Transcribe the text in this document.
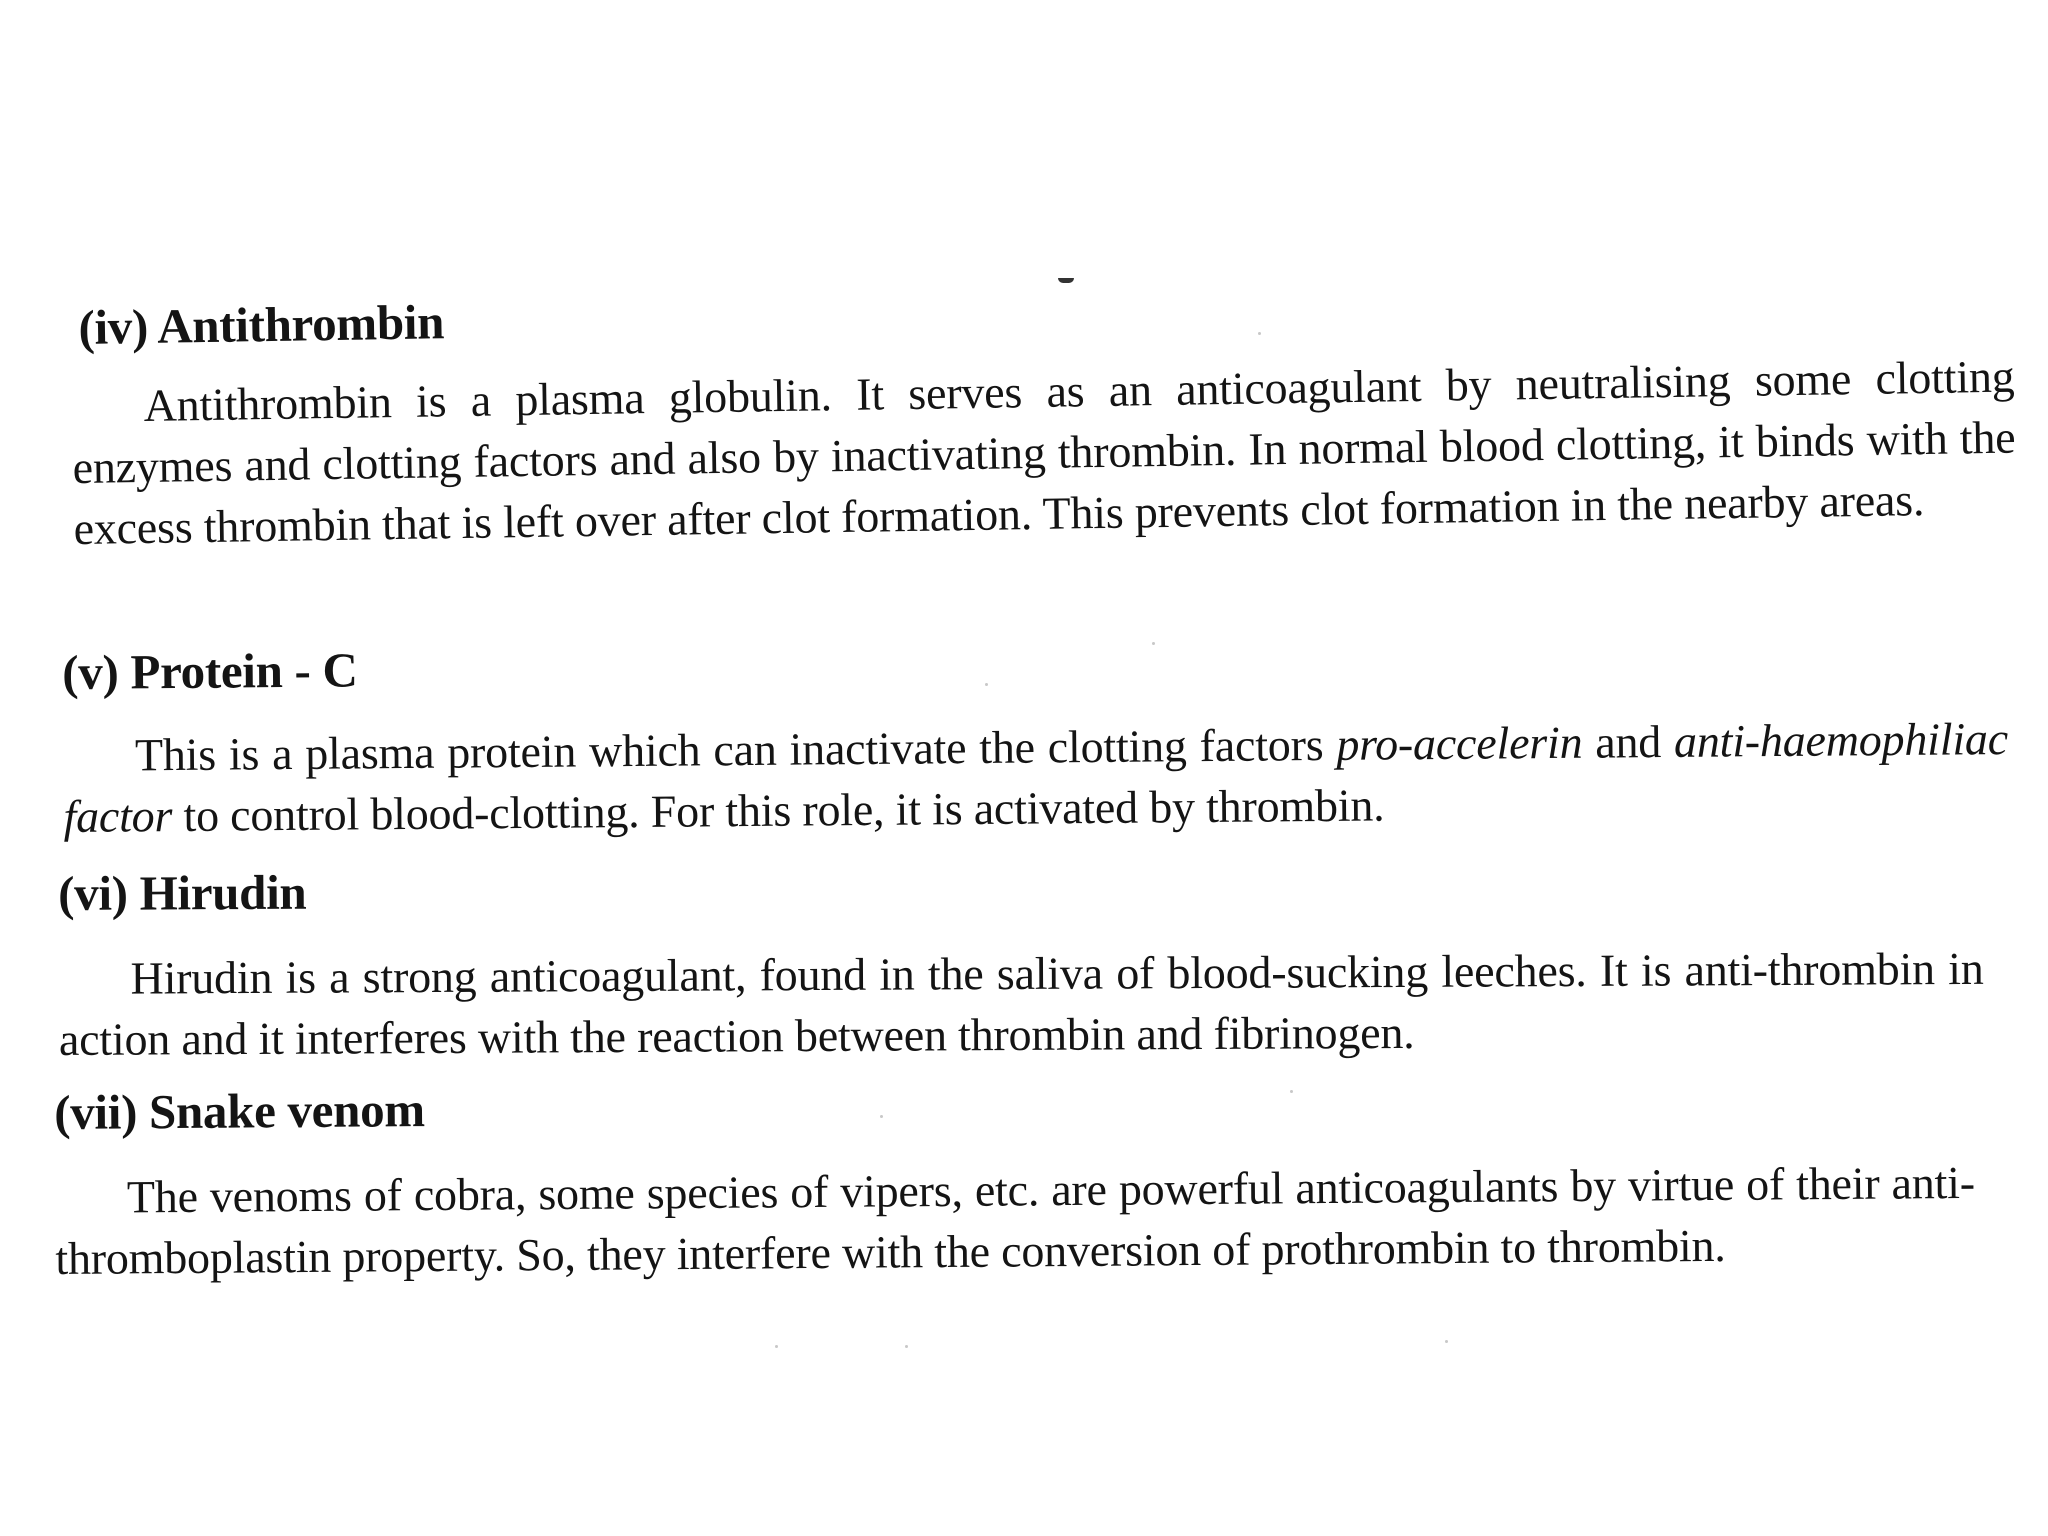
(iv) Antithrombin
Antithrombin is a plasma globulin. It serves as an anticoagulant by neutralising some clotting enzymes and clotting factors and also by inactivating thrombin. In normal blood clotting, it binds with the excess thrombin that is left over after clot formation. This prevents clot formation in the nearby areas.
(v) Protein - C
This is a plasma protein which can inactivate the clotting factors pro-accelerin and anti-haemophiliac factor to control blood-clotting. For this role, it is activated by thrombin.
(vi) Hirudin
Hirudin is a strong anticoagulant, found in the saliva of blood-sucking leeches. It is anti-thrombin in action and it interferes with the reaction between thrombin and fibrinogen.
(vii) Snake venom
The venoms of cobra, some species of vipers, etc. are powerful anticoagulants by virtue of their anti-thromboplastin property. So, they interfere with the conversion of prothrombin to thrombin.
